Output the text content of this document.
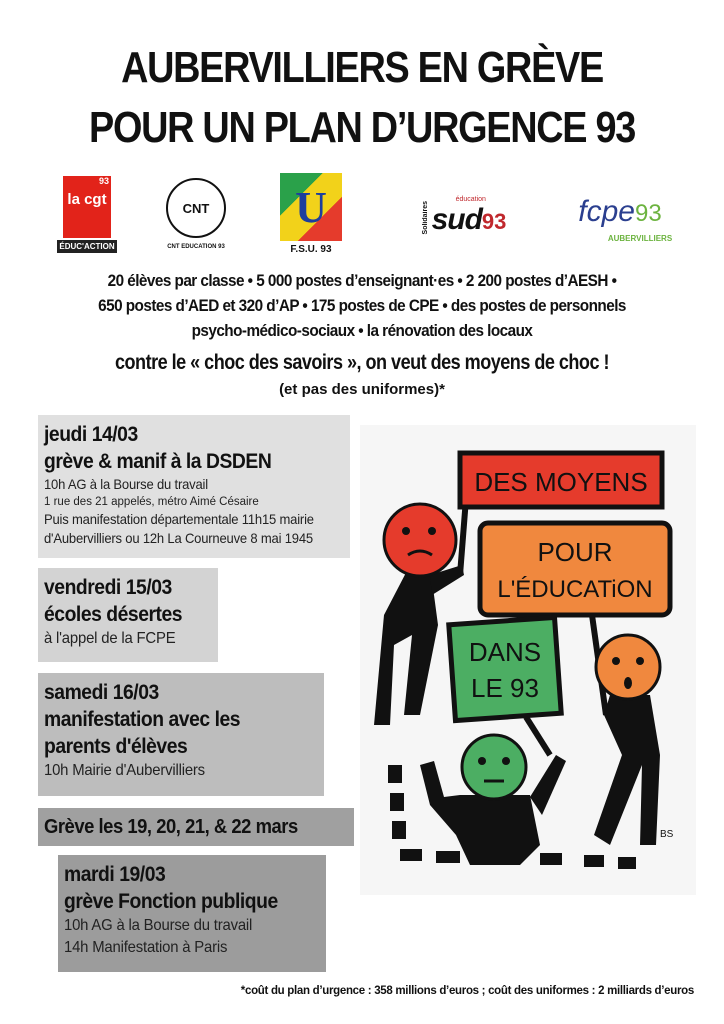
AUBERVILLIERS EN GRÈVE
POUR UN PLAN D’URGENCE 93
la cgt
93
ÉDUC'ACTION
CNT
CNT EDUCATION 93
U
F.S.U. 93
Solidaires
éducation
sud93 fcpe93
AUBERVILLIERS
20 élèves par classe • 5 000 postes d’enseignant·es • 2 200 postes d’AESH •
650 postes d’AED et 320 d’AP • 175 postes de CPE • des postes de personnels
psycho-médico-sociaux • la rénovation des locaux
contre le « choc des savoirs », on veut des moyens de choc !
(et pas des uniformes)*
jeudi 14/03
grève & manif à la DSDEN
10h AG à la Bourse du travail
1 rue des 21 appelés, métro Aimé Césaire
Puis manifestation départementale 11h15 mairie
d'Aubervilliers ou 12h La Courneuve 8 mai 1945
vendredi 15/03
écoles désertes
à l'appel de la FCPE
samedi 16/03
manifestation avec les
parents d'élèves
10h Mairie d'Aubervilliers
Grève les 19, 20, 21, & 22 mars
mardi 19/03
grève Fonction publique
10h AG à la Bourse du travail
14h Manifestation à Paris
DES MOYENS
POUR
L'ÉDUCATiON
DANS
LE 93
BS
*coût du plan d’urgence : 358 millions d’euros ; coût des uniformes : 2 milliards d’euros
